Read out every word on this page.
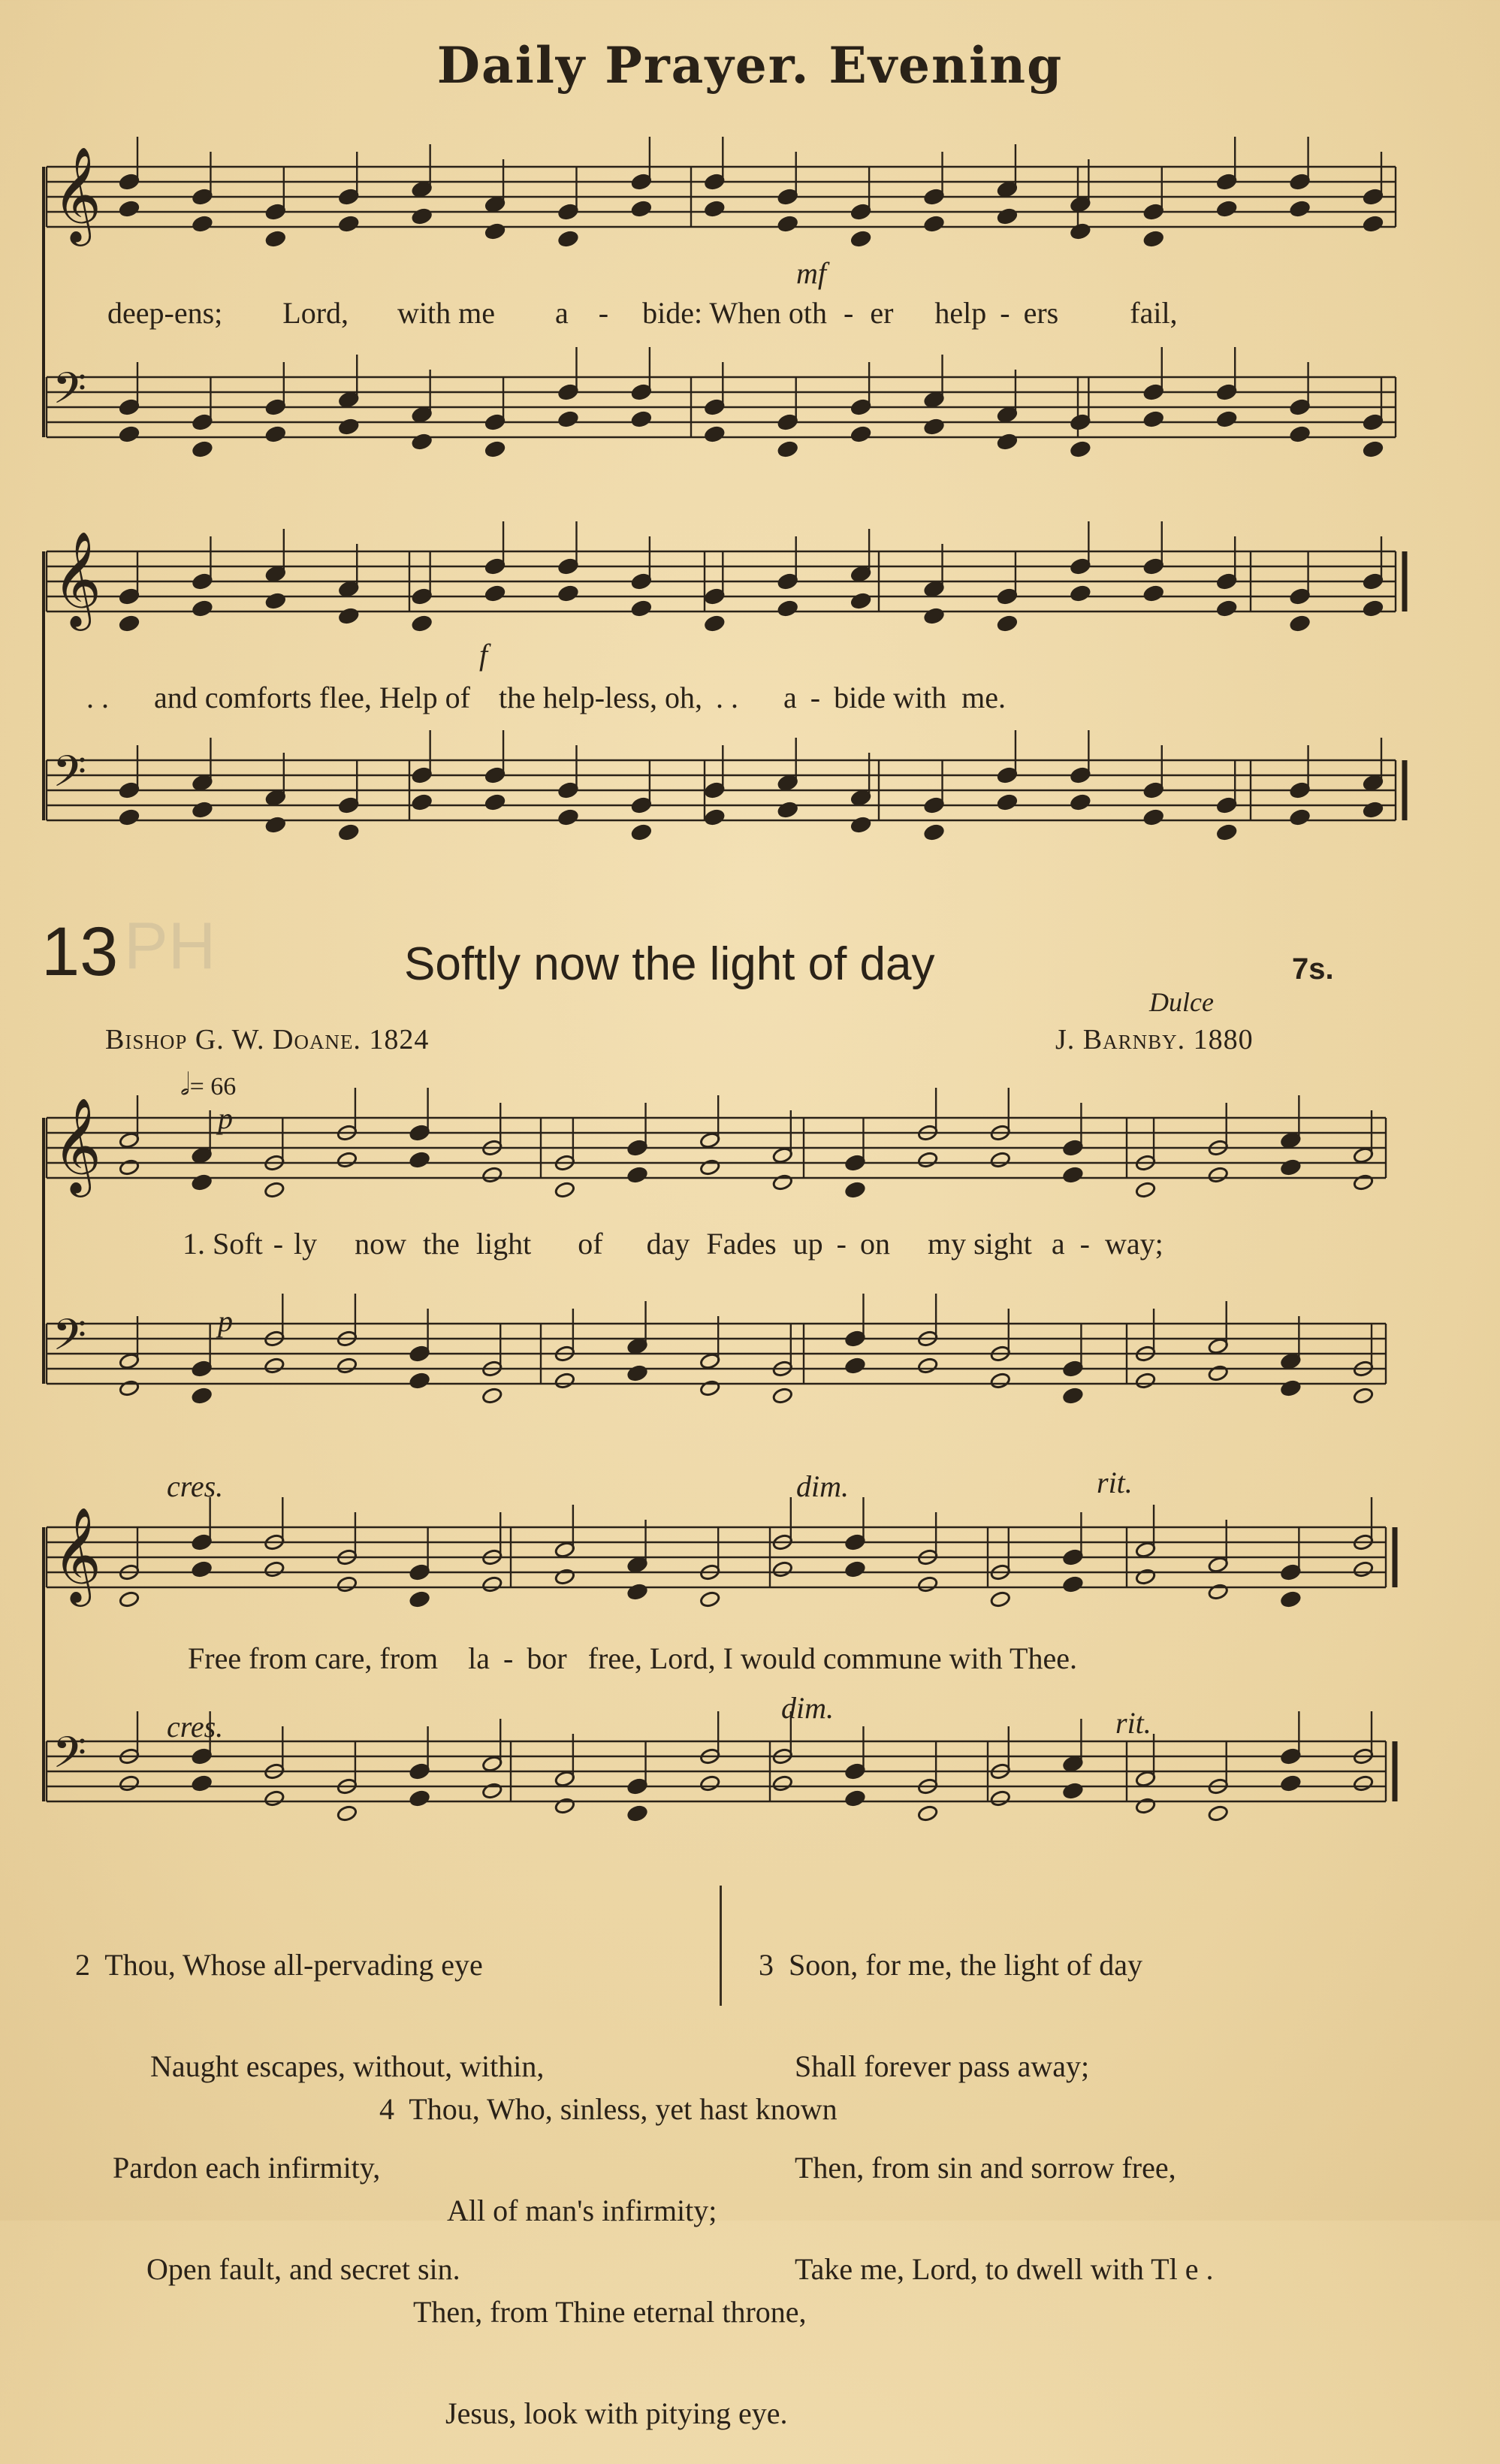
Daily Prayer. Evening
𝄞
𝄢
𝄞
𝄢
𝄞
𝄢
𝄞
𝄢
deep-ens; Lord, with me a - bide: When oth - er help - ers fail,
mf
. . and comforts flee, Help of the help-less, oh, . . a - bide with me.
f
13 PH	Softly now the light of day	7s.
Dulce
Bishop G. W. Doane. 1824	J. Barnby. 1880
𝅗𝅥= 66
p
p
1. Soft - ly now the light of day Fades up - on my sight a - way;
cres.	dim.	rit.
Free from care, from la - bor free, Lord, I would commune with Thee.
cres.
dim.	rit.

2  Thou, Whose all-pervading eye

Naught escapes, without, within,

Pardon each infirmity,

Open fault, and secret sin.

3  Soon, for me, the light of day

Shall forever pass away;

Then, from sin and sorrow free,

Take me, Lord, to dwell with Tl e .

4  Thou, Who, sinless, yet hast known

All of man's infirmity;

Then, from Thine eternal throne,

Jesus, look with pitying eye.
